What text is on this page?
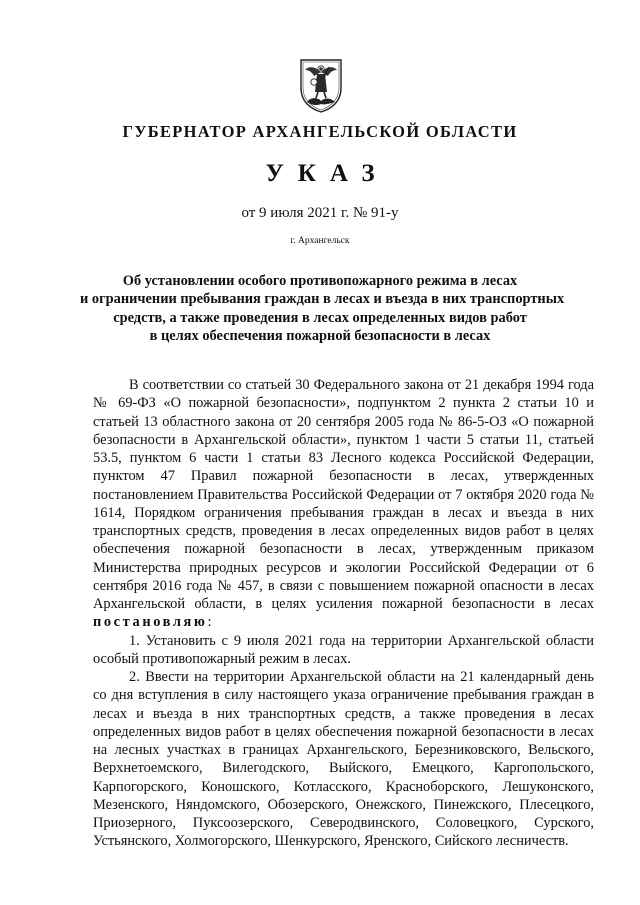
ГУБЕРНАТОР АРХАНГЕЛЬСКОЙ ОБЛАСТИ
УКАЗ
от 9 июля 2021 г. № 91-у
г. Архангельск
Об установлении особого противопожарного режима в лесах
и ограничении пребывания граждан в лесах и въезда в них транспортных
средств, а также проведения в лесах определенных видов работ
в целях обеспечения пожарной безопасности в лесах

В соответствии со статьей 30 Федерального закона от 21 декабря 1994 года № 69-ФЗ «О пожарной безопасности», подпунктом 2 пункта 2 статьи 10 и статьей 13 областного закона от 20 сентября 2005 года № 86-5-ОЗ «О пожарной безопасности в Архангельской области», пунктом 1 части 5 статьи 11, статьей 53.5, пунктом 6 части 1 статьи 83 Лесного кодекса Российской Федерации, пунктом 47 Правил пожарной безопасности в лесах, утвержденных постановлением Правительства Российской Федерации от 7 октября 2020 года № 1614, Порядком ограничения пребывания граждан в лесах и въезда в них транспортных средств, проведения в лесах определенных видов работ в целях обеспечения пожарной безопасности в лесах, утвержденным приказом Министерства природных ресурсов и экологии Российской Федерации от 6 сентября 2016 года № 457, в связи с повышением пожарной опасности в лесах Архангельской области, в целях усиления пожарной безопасности в лесах постановляю:

1. Установить с 9 июля 2021 года на территории Архангельской области особый противопожарный режим в лесах.

2. Ввести на территории Архангельской области на 21 календарный день со дня вступления в силу настоящего указа ограничение пребывания граждан в лесах и въезда в них транспортных средств, а также проведения в лесах определенных видов работ в целях обеспечения пожарной безопасности в лесах на лесных участках в границах Архангельского, Березниковского, Вельского, Верхнетоемского, Вилегодского, Выйского, Емецкого, Каргопольского, Карпогорского, Коношского, Котласского, Красноборского, Лешуконского, Мезенского, Няндомского, Обозерского, Онежского, Пинежского, Плесецкого, Приозерного, Пуксоозерского, Северодвинского, Соловецкого, Сурского, Устьянского, Холмогорского, Шенкурского, Яренского, Сийского лесничеств.
